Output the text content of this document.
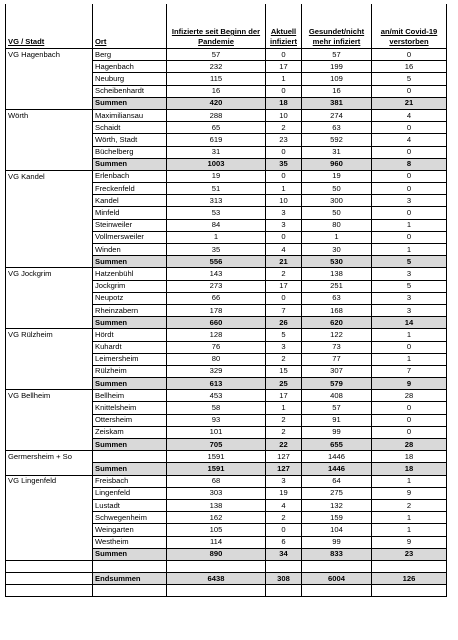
VG / Stadt	Ort	Infizierte seit Beginn der Pandemie	Aktuell infiziert	Gesundet/nicht mehr infiziert	an/mit Covid-19 verstorben
VG Hagenbach	Berg	57	0	57	0
	Hagenbach	232	17	199	16
	Neuburg	115	1	109	5
	Scheibenhardt	16	0	16	0
	Summen	420	18	381	21
Wörth	Maximiliansau	288	10	274	4
	Schaidt	65	2	63	0
	Wörth, Stadt	619	23	592	4
	Büchelberg	31	0	31	0
	Summen	1003	35	960	8
VG Kandel	Erlenbach	19	0	19	0
	Freckenfeld	51	1	50	0
	Kandel	313	10	300	3
	Minfeld	53	3	50	0
	Steinweiler	84	3	80	1
	Vollmersweiler	1	0	1	0
	Winden	35	4	30	1
	Summen	556	21	530	5
VG Jockgrim	Hatzenbühl	143	2	138	3
	Jockgrim	273	17	251	5
	Neupotz	66	0	63	3
	Rheinzabern	178	7	168	3
	Summen	660	26	620	14
VG Rülzheim	Hördt	128	5	122	1
	Kuhardt	76	3	73	0
	Leimersheim	80	2	77	1
	Rülzheim	329	15	307	7
	Summen	613	25	579	9
VG Bellheim	Bellheim	453	17	408	28
	Knittelsheim	58	1	57	0
	Ottersheim	93	2	91	0
	Zeiskam	101	2	99	0
	Summen	705	22	655	28
Germersheim + So		1591	127	1446	18
	Summen	1591	127	1446	18
VG Lingenfeld	Freisbach	68	3	64	1
	Lingenfeld	303	19	275	9
	Lustadt	138	4	132	2
	Schwegenheim	162	2	159	1
	Weingarten	105	0	104	1
	Westheim	114	6	99	9
	Summen	890	34	833	23

	Endsummen	6438	308	6004	126
